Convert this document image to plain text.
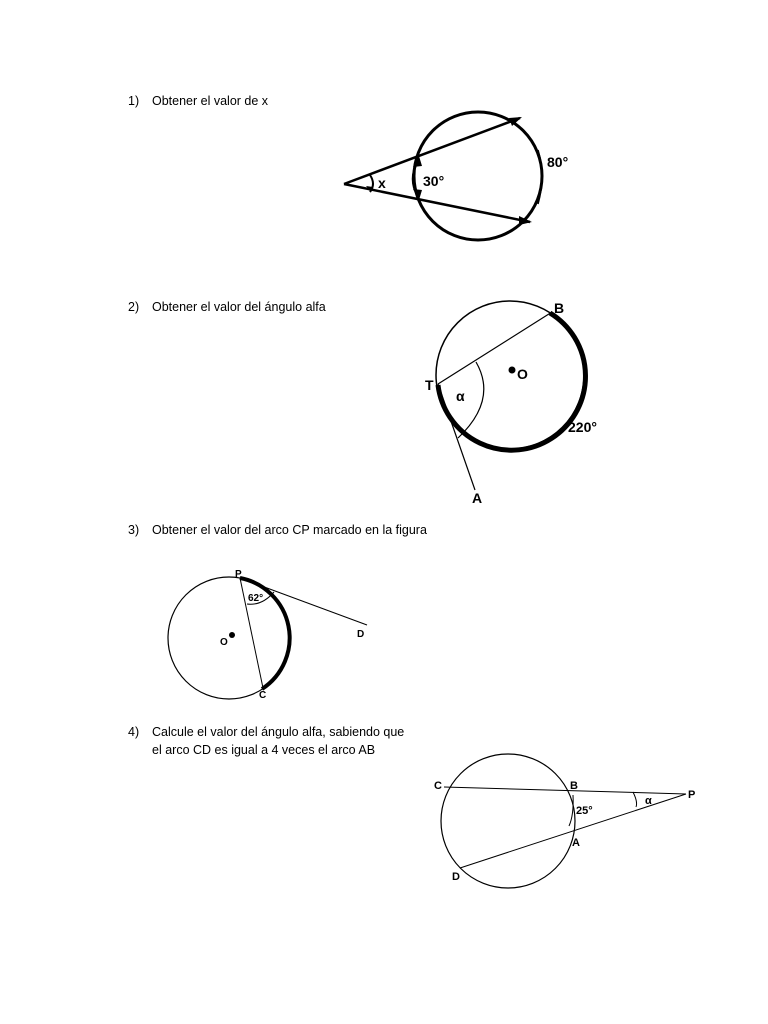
1) Obtener el valor de x
x	30°
80°
2) Obtener el valor del ángulo alfa	B
O
T
α
220°
A
3) Obtener el valor del arco CP marcado en la figura
P
62°
O
D
C
4) Calcule el valor del ángulo alfa, sabiendo que
el arco CD es igual a 4 veces el arco AB
C	B
P
α
25°
A
D
